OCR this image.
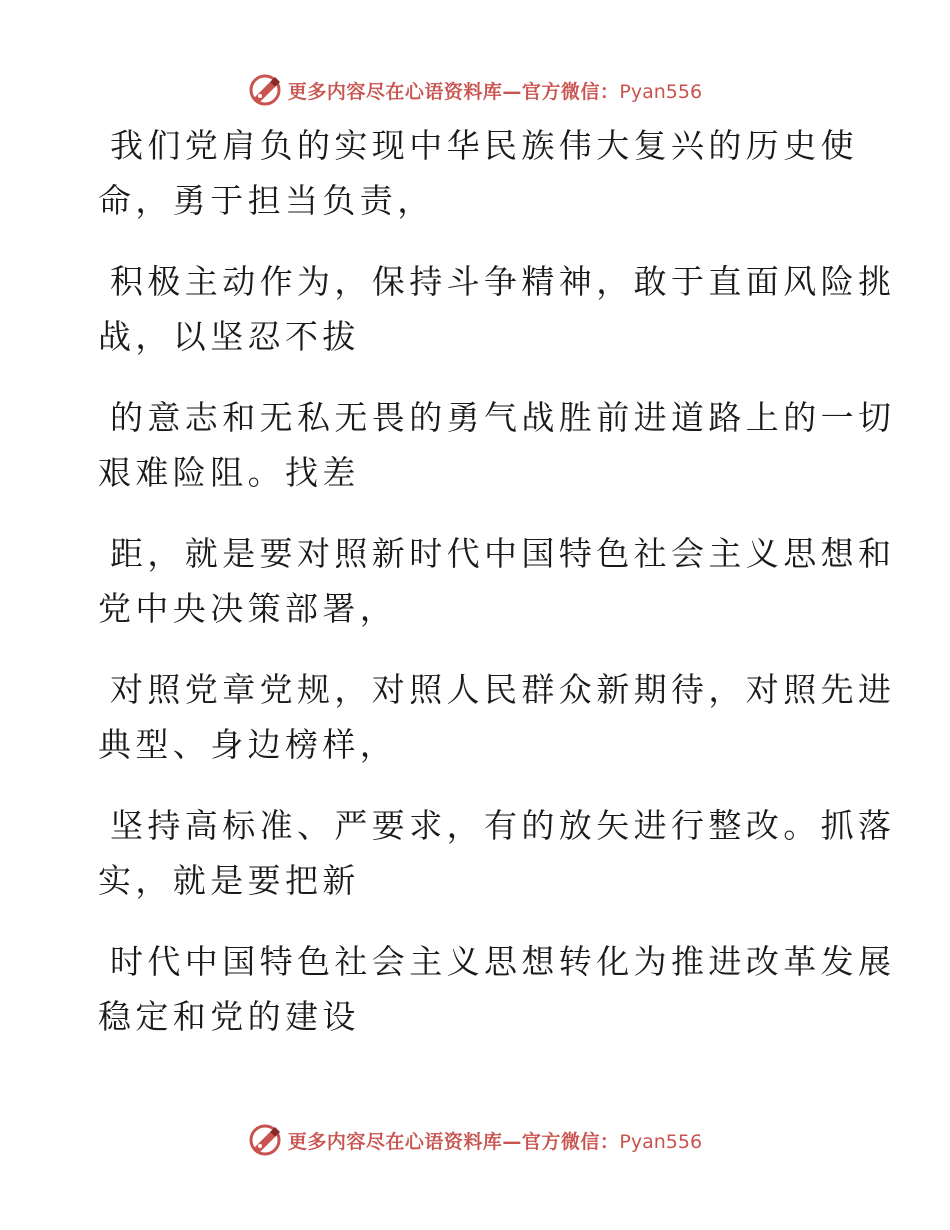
更多内容尽在心语资料库—官方微信：Pyan556
我们党肩负的实现中华民族伟大复兴的历史使
命，勇于担当负责，
积极主动作为，保持斗争精神，敢于直面风险挑
战，以坚忍不拔
的意志和无私无畏的勇气战胜前进道路上的一切
艰难险阻。找差
距，就是要对照新时代中国特色社会主义思想和
党中央决策部署，
对照党章党规，对照人民群众新期待，对照先进
典型、身边榜样，
坚持高标准、严要求，有的放矢进行整改。抓落
实，就是要把新
时代中国特色社会主义思想转化为推进改革发展
稳定和党的建设
更多内容尽在心语资料库—官方微信：Pyan556
